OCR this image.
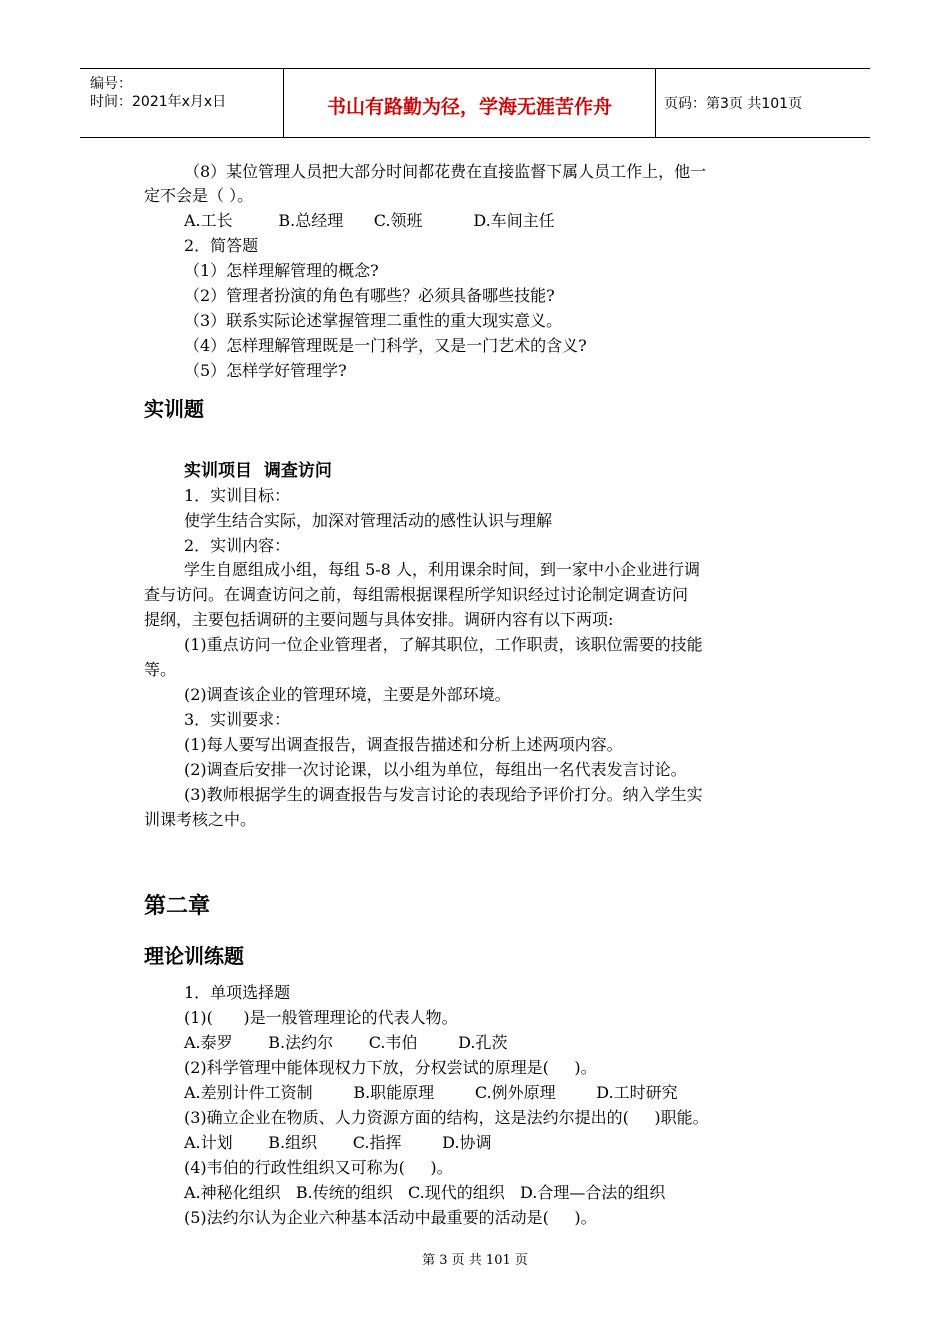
编号：
时间：2021年x月x日	书山有路勤为径，学海无涯苦作舟	页码：第3页 共101页
（8）某位管理人员把大部分时间都花费在直接监督下属人员工作上，他一
定不会是（ ）。
A.工长         B.总经理      C.领班          D.车间主任
2．简答题
（1）怎样理解管理的概念?
（2）管理者扮演的角色有哪些？必须具备哪些技能?
（3）联系实际论述掌握管理二重性的重大现实意义。
（4）怎样理解管理既是一门科学，又是一门艺术的含义?
（5）怎样学好管理学?
实训题
实训项目  调查访问
1．实训目标：
使学生结合实际，加深对管理活动的感性认识与理解
2．实训内容：
学生自愿组成小组，每组 5-8 人，利用课余时间，到一家中小企业进行调
查与访问。在调查访问之前，每组需根据课程所学知识经过讨论制定调查访问
提纲，主要包括调研的主要问题与具体安排。调研内容有以下两项:
(1)重点访问一位企业管理者，了解其职位，工作职责，该职位需要的技能
等。
(2)调查该企业的管理环境，主要是外部环境。
3．实训要求：
(1)每人要写出调查报告，调查报告描述和分析上述两项内容。
(2)调查后安排一次讨论课，以小组为单位，每组出一名代表发言讨论。
(3)教师根据学生的调查报告与发言讨论的表现给予评价打分。纳入学生实
训课考核之中。
第二章
理论训练题
1．单项选择题
(1)(      )是一般管理理论的代表人物。
A.泰罗       B.法约尔       C.韦伯        D.孔茨
(2)科学管理中能体现权力下放，分权尝试的原理是(     )。
A.差别计件工资制        B.职能原理        C.例外原理        D.工时研究
(3)确立企业在物质、人力资源方面的结构，这是法约尔提出的(     )职能。
A.计划       B.组织       C.指挥        D.协调
(4)韦伯的行政性组织又可称为(     )。
A.神秘化组织   B.传统的组织   C.现代的组织   D.合理—合法的组织
(5)法约尔认为企业六种基本活动中最重要的活动是(     )。
第 3 页 共 101 页
